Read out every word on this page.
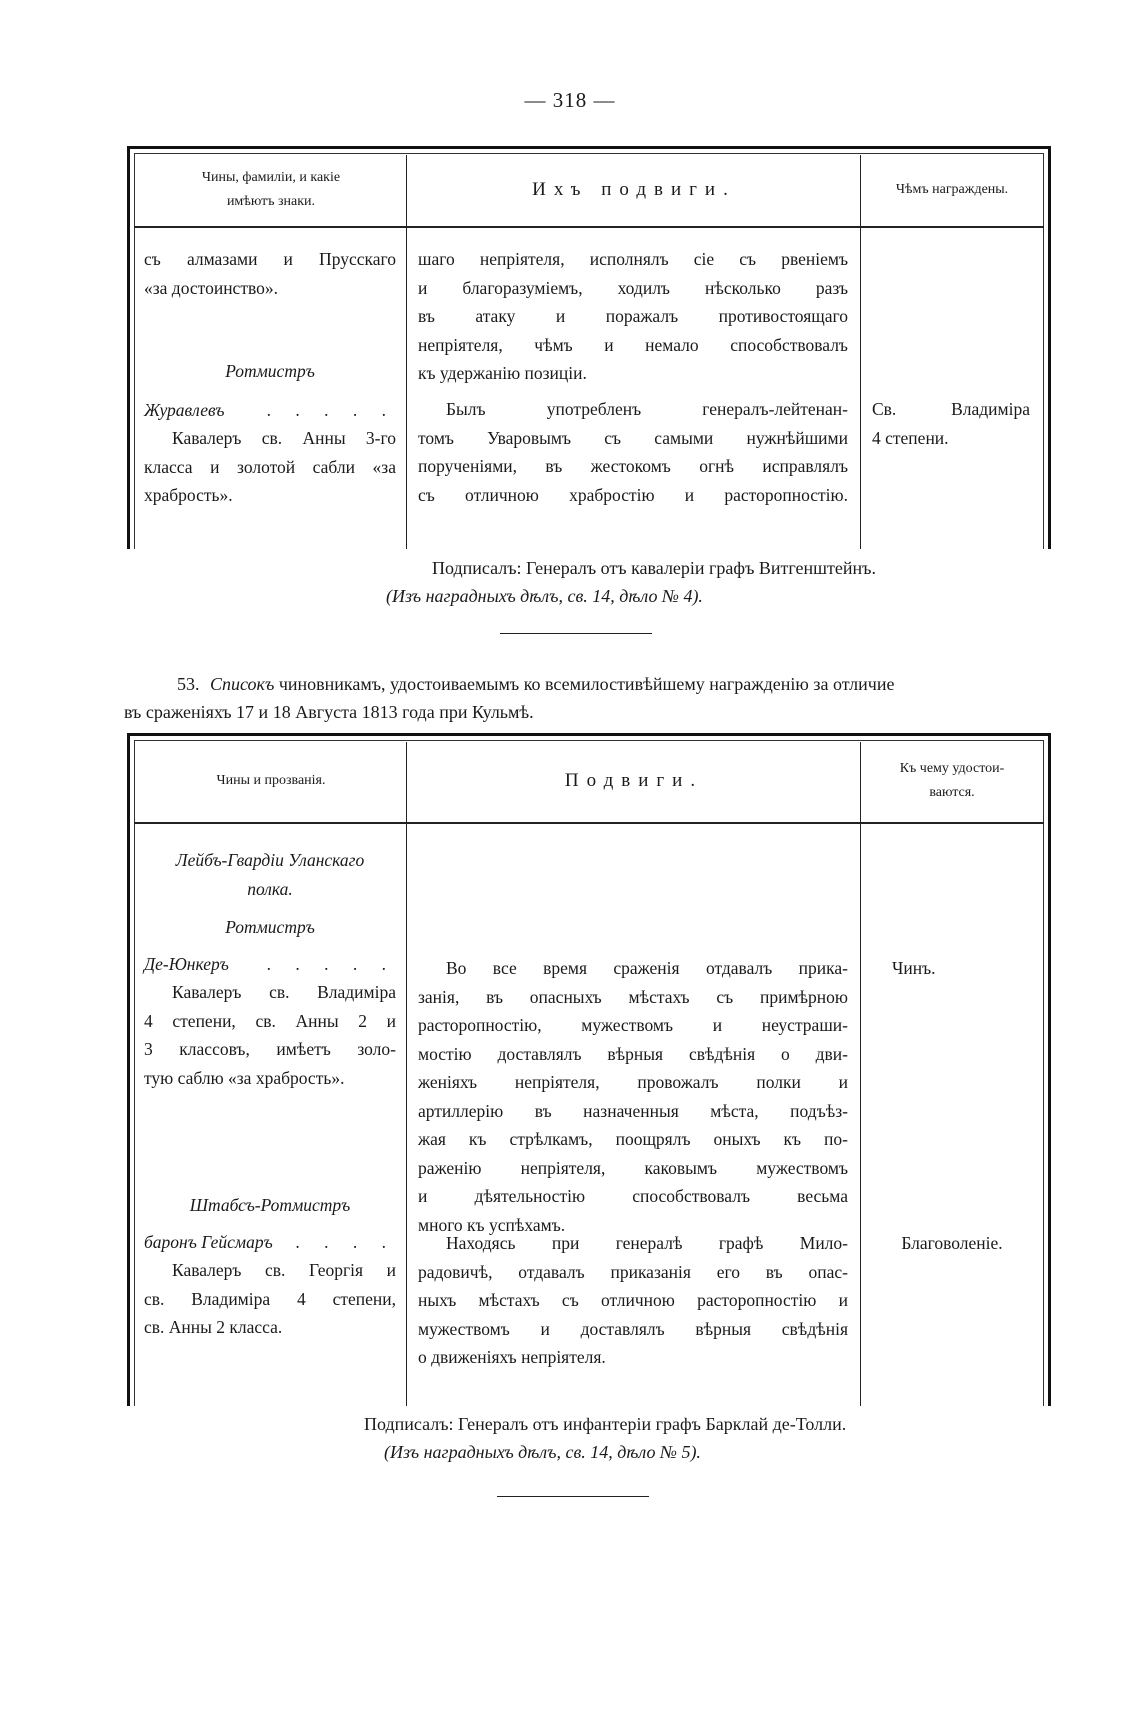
— 318 —
Чины, фамиліи, и какіе
имѣютъ знаки.
Ихъ подвиги.	Чѣмъ награждены.
съ алмазами и Прусскаго
«за достоинство».
шаго непріятеля, исполнялъ сіе съ рвеніемъ
и благоразуміемъ, ходилъ нѣсколько разъ
въ атаку и поражалъ противостоящаго
непріятеля, чѣмъ и немало способствовалъ
къ удержанію позиціи.
Ротмистръ
Журавлевъ . . . . .
Кавалеръ св. Анны 3-го
класса и золотой сабли «за
храбрость».
Былъ употребленъ генералъ-лейтенан-
томъ Уваровымъ съ самыми нужнѣйшими
порученіями, въ жестокомъ огнѣ исправлялъ
съ отличною храбростію и расторопностію.
Св. Владиміра
4 степени.
Подписалъ: Генералъ отъ кавалеріи графъ Витгенштейнъ.
(Изъ наградныхъ дѣлъ, св. 14, дѣло № 4).
53. Списокъ чиновникамъ, удостоиваемымъ ко всемилостивѣйшему награжденію за отличие
въ сраженіяхъ 17 и 18 Августа 1813 года при Кульмѣ.
Чины и прозванія.	Подвиги.
Къ чему удостои-
ваются.
Лейбъ-Гвардіи Уланскаго
полка.
Ротмистръ
Де-Юнкеръ . . . . .
Кавалеръ св. Владиміра
4 степени, св. Анны 2 и
3 классовъ, имѣетъ золо-
тую саблю «за храбрость».
Во все время сраженія отдавалъ прика-
занія, въ опасныхъ мѣстахъ съ примѣрною
расторопностію, мужествомъ и неустраши-
мостію доставлялъ вѣрныя свѣдѣнія о дви-
женіяхъ непріятеля, провожалъ полки и
артиллерію въ назначенныя мѣста, подъѣз-
жая къ стрѣлкамъ, поощрялъ оныхъ къ по-
раженію непріятеля, каковымъ мужествомъ
и дѣятельностію способствовалъ весьма
много къ успѣхамъ.
Чинъ.
Штабсъ-Ротмистръ
баронъ Гейсмаръ . . . .
Кавалеръ св. Георгія и
св. Владиміра 4 степени,
св. Анны 2 класса.
Находясь при генералѣ графѣ Мило-
радовичѣ, отдавалъ приказанія его въ опас-
ныхъ мѣстахъ съ отличною расторопностію и
мужествомъ и доставлялъ вѣрныя свѣдѣнія
о движеніяхъ непріятеля.
Благоволеніе.
Подписалъ: Генералъ отъ инфантеріи графъ Барклай де-Толли.
(Изъ наградныхъ дѣлъ, св. 14, дѣло № 5).
